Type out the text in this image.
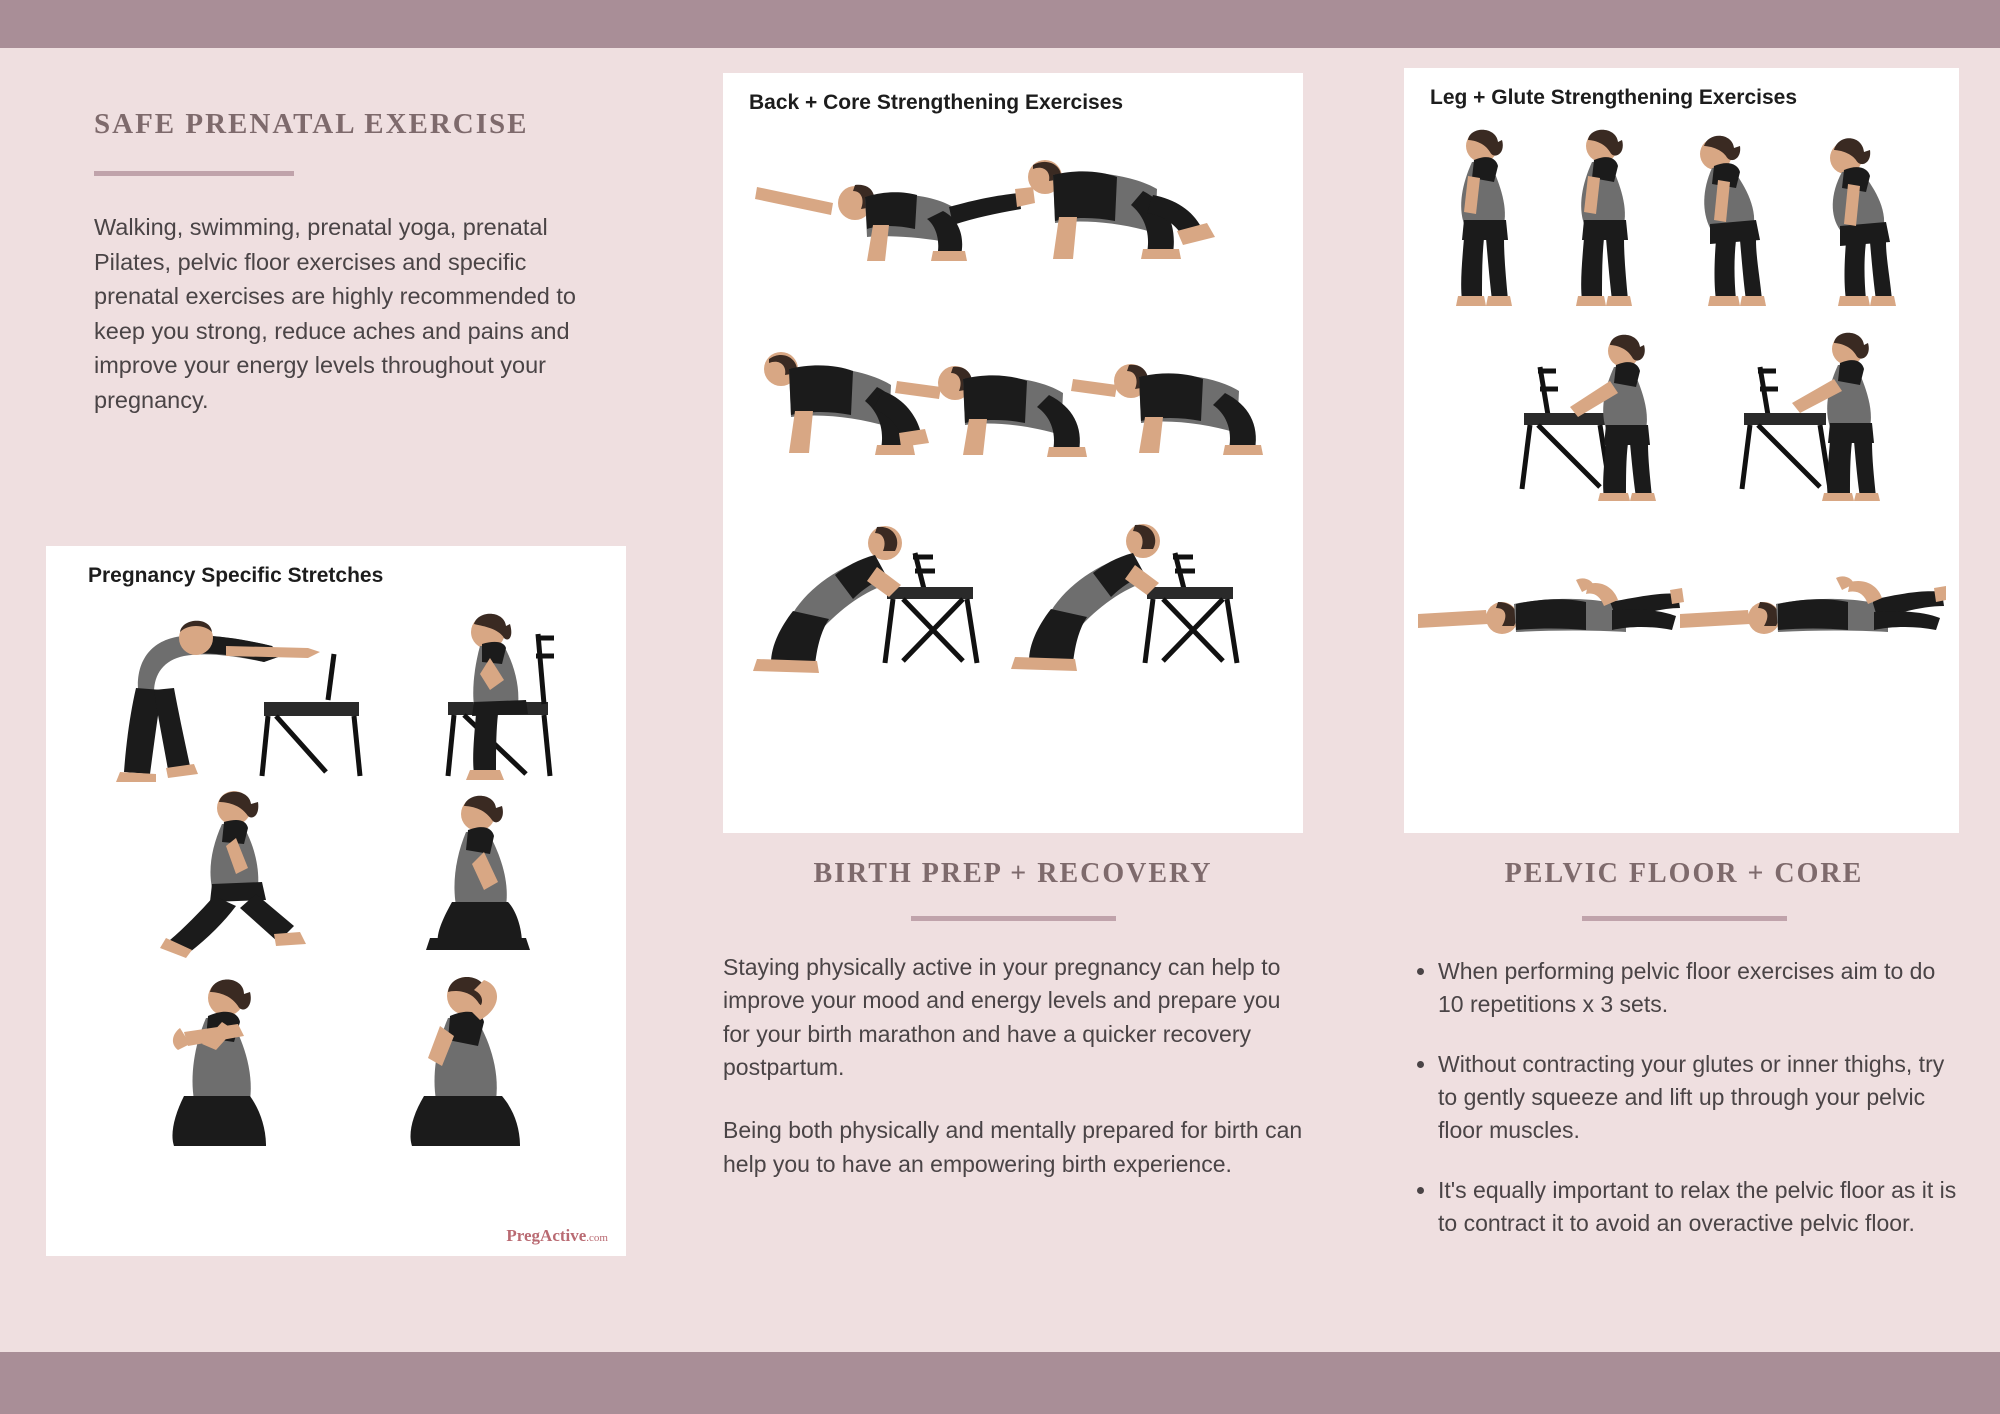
SAFE PRENATAL EXERCISE
Walking, swimming, prenatal yoga, prenatal Pilates, pelvic floor exercises and specific prenatal exercises are highly recommended to keep you strong, reduce aches and pains and improve your energy levels throughout your pregnancy.
Pregnancy Specific Stretches
PregActive.com
Back + Core Strengthening Exercises	Leg + Glute Strengthening Exercises
BIRTH PREP + RECOVERY
Staying physically active in your pregnancy can help to improve your mood and energy levels and prepare you for your birth marathon and have a quicker recovery postpartum.
Being both physically and mentally prepared for birth can help you to have an empowering birth experience.
PELVIC FLOOR + CORE
• When performing pelvic floor exercises aim to do 10 repetitions x 3 sets.
• Without contracting your glutes or inner thighs, try to gently squeeze and lift up through your pelvic floor muscles.
• It's equally important to relax the pelvic floor as it is to contract it to avoid an overactive pelvic floor.
